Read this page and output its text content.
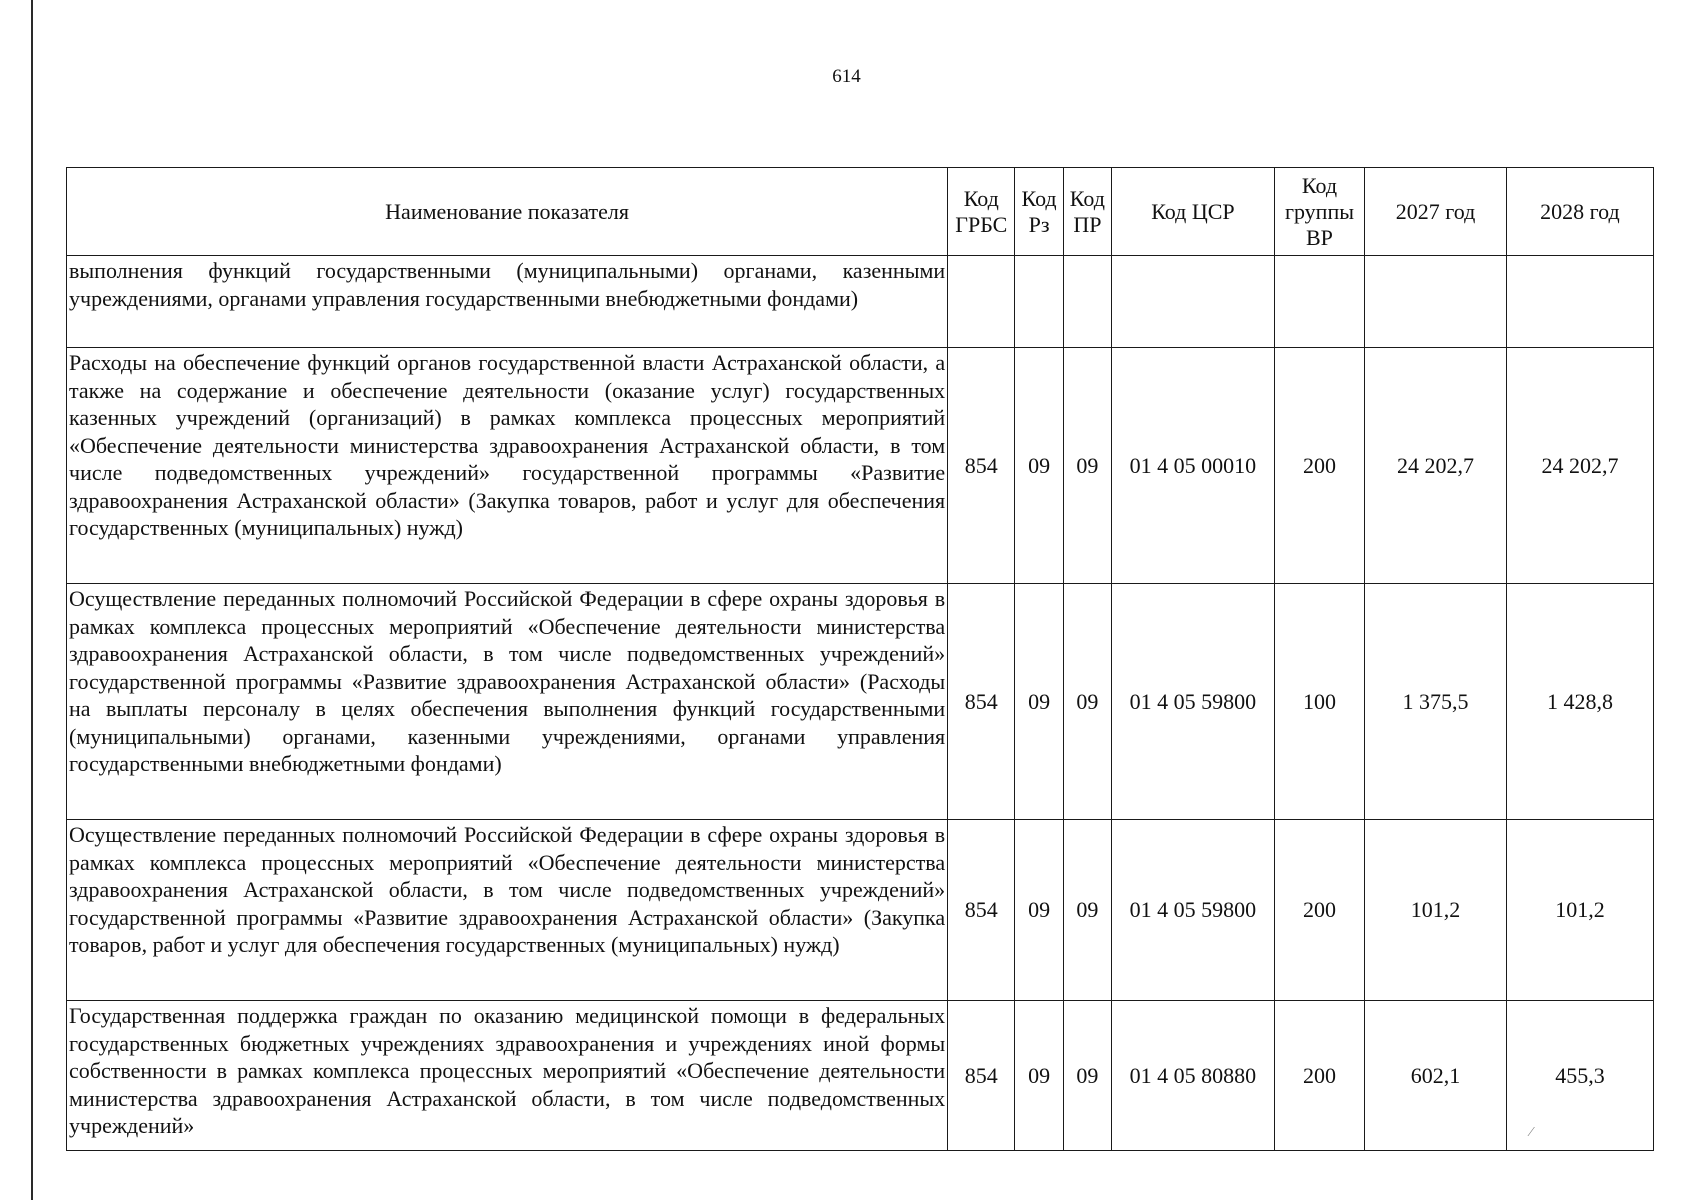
614
Наименование показателя	Код ГРБС	Код Рз	Код ПР	Код ЦСР	Код группы ВР	2027 год	2028 год
выполнения функций государственными (муниципальными) органами, казенными учреждениями, органами управления государственными внебюджетными фондами)							
Расходы на обеспечение функций органов государственной власти Астраханской области, а также на содержание и обеспечение деятельности (оказание услуг) государственных казенных учреждений (организаций) в рамках комплекса процессных мероприятий «Обеспечение деятельности министерства здравоохранения Астраханской области, в том числе подведомственных учреждений» государственной программы «Развитие здравоохранения Астраханской области» (Закупка товаров, работ и услуг для обеспечения государственных (муниципальных) нужд)	854	09	09	01 4 05 00010	200	24 202,7	24 202,7
Осуществление переданных полномочий Российской Федерации в сфере охраны здоровья в рамках комплекса процессных мероприятий «Обеспечение деятельности министерства здравоохранения Астраханской области, в том числе подведомственных учреждений» государственной программы «Развитие здравоохранения Астраханской области» (Расходы на выплаты персоналу в целях обеспечения выполнения функций государственными (муниципальными) органами, казенными учреждениями, органами управления государственными внебюджетными фондами)	854	09	09	01 4 05 59800	100	1 375,5	1 428,8
Осуществление переданных полномочий Российской Федерации в сфере охраны здоровья в рамках комплекса процессных мероприятий «Обеспечение деятельности министерства здравоохранения Астраханской области, в том числе подведомственных учреждений» государственной программы «Развитие здравоохранения Астраханской области» (Закупка товаров, работ и услуг для обеспечения государственных (муниципальных) нужд)	854	09	09	01 4 05 59800	200	101,2	101,2
Государственная поддержка граждан по оказанию медицинской помощи в федеральных государственных бюджетных учреждениях здравоохранения и учреждениях иной формы собственности в рамках комплекса процессных мероприятий «Обеспечение деятельности министерства здравоохранения Астраханской области, в том числе подведомственных учреждений»	854	09	09	01 4 05 80880	200	602,1	455,3
⁄
